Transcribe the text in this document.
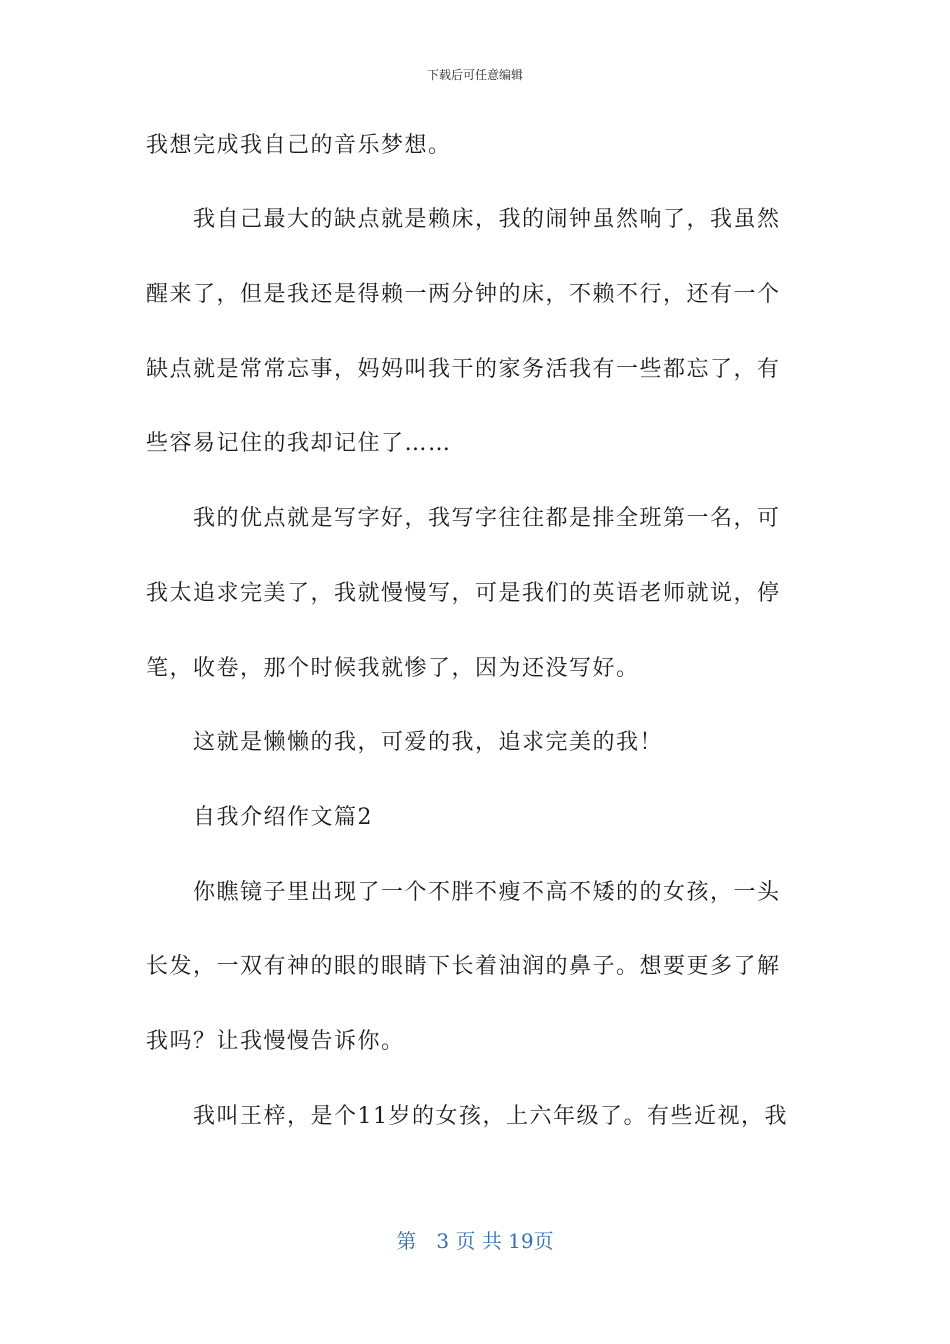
下载后可任意编辑
我想完成我自己的音乐梦想。
我自己最大的缺点就是赖床，我的闹钟虽然响了，我虽然
醒来了，但是我还是得赖一两分钟的床，不赖不行，还有一个
缺点就是常常忘事，妈妈叫我干的家务活我有一些都忘了，有
些容易记住的我却记住了……
我的优点就是写字好，我写字往往都是排全班第一名，可
我太追求完美了，我就慢慢写，可是我们的英语老师就说，停
笔，收卷，那个时候我就惨了，因为还没写好。
这就是懒懒的我，可爱的我，追求完美的我！
自我介绍作文篇2
你瞧镜子里出现了一个不胖不瘦不高不矮的的女孩，一头
长发，一双有神的眼的眼睛下长着油润的鼻子。想要更多了解
我吗？让我慢慢告诉你。
我叫王梓，是个11岁的女孩，上六年级了。有些近视，我
第　3 页 共 19页
